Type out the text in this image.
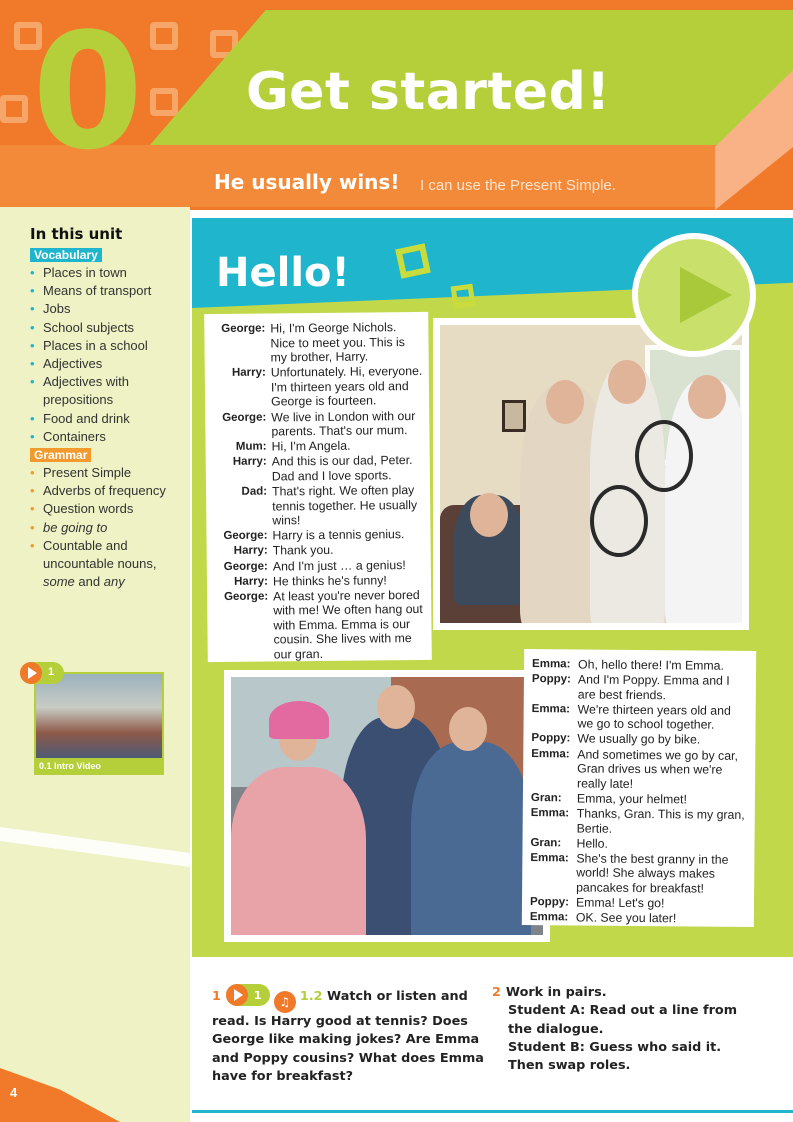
0 Get started!
He usually wins! I can use the Present Simple.
In this unit
Vocabulary
• Places in town
• Means of transport
• Jobs
• School subjects
• Places in a school
• Adjectives
• Adjectives with prepositions
• Food and drink
• Containers
Grammar
• Present Simple
• Adverbs of frequency
• Question words
• be going to
• Countable and uncountable nouns, some and any
0.1 Intro Video
1
4
Hello!
George: Hi, I'm George Nichols. Nice to meet you. This is my brother, Harry.
Harry: Unfortunately. Hi, everyone. I'm thirteen years old and George is fourteen.
George: We live in London with our parents. That's our mum.
Mum: Hi, I'm Angela.
Harry: And this is our dad, Peter. Dad and I love sports.
Dad: That's right. We often play tennis together. He usually wins!
George: Harry is a tennis genius.
Harry: Thank you.
George: And I'm just … a genius!
Harry: He thinks he's funny!
George: At least you're never bored with me! We often hang out with Emma. Emma is our cousin. She lives with me our gran.
Emma: Oh, hello there! I'm Emma.
Poppy: And I'm Poppy. Emma and I are best friends.
Emma: We're thirteen years old and we go to school together.
Poppy: We usually go by bike.
Emma: And sometimes we go by car, Gran drives us when we're really late!
Gran:	Emma, your helmet!
Emma: Thanks, Gran. This is my gran, Bertie.
Gran:	Hello.
Emma: She's the best granny in the world! She always makes pancakes for breakfast!
Poppy: Emma! Let's go!
Emma: OK. See you later!
1	1 ♫ 1.2 Watch or listen and read. Is Harry good at tennis? Does George like making jokes? Are Emma and Poppy cousins? What does Emma have for breakfast?
2 Work in pairs.
Student A: Read out a line from the dialogue.
Student B: Guess who said it.
Then swap roles.
